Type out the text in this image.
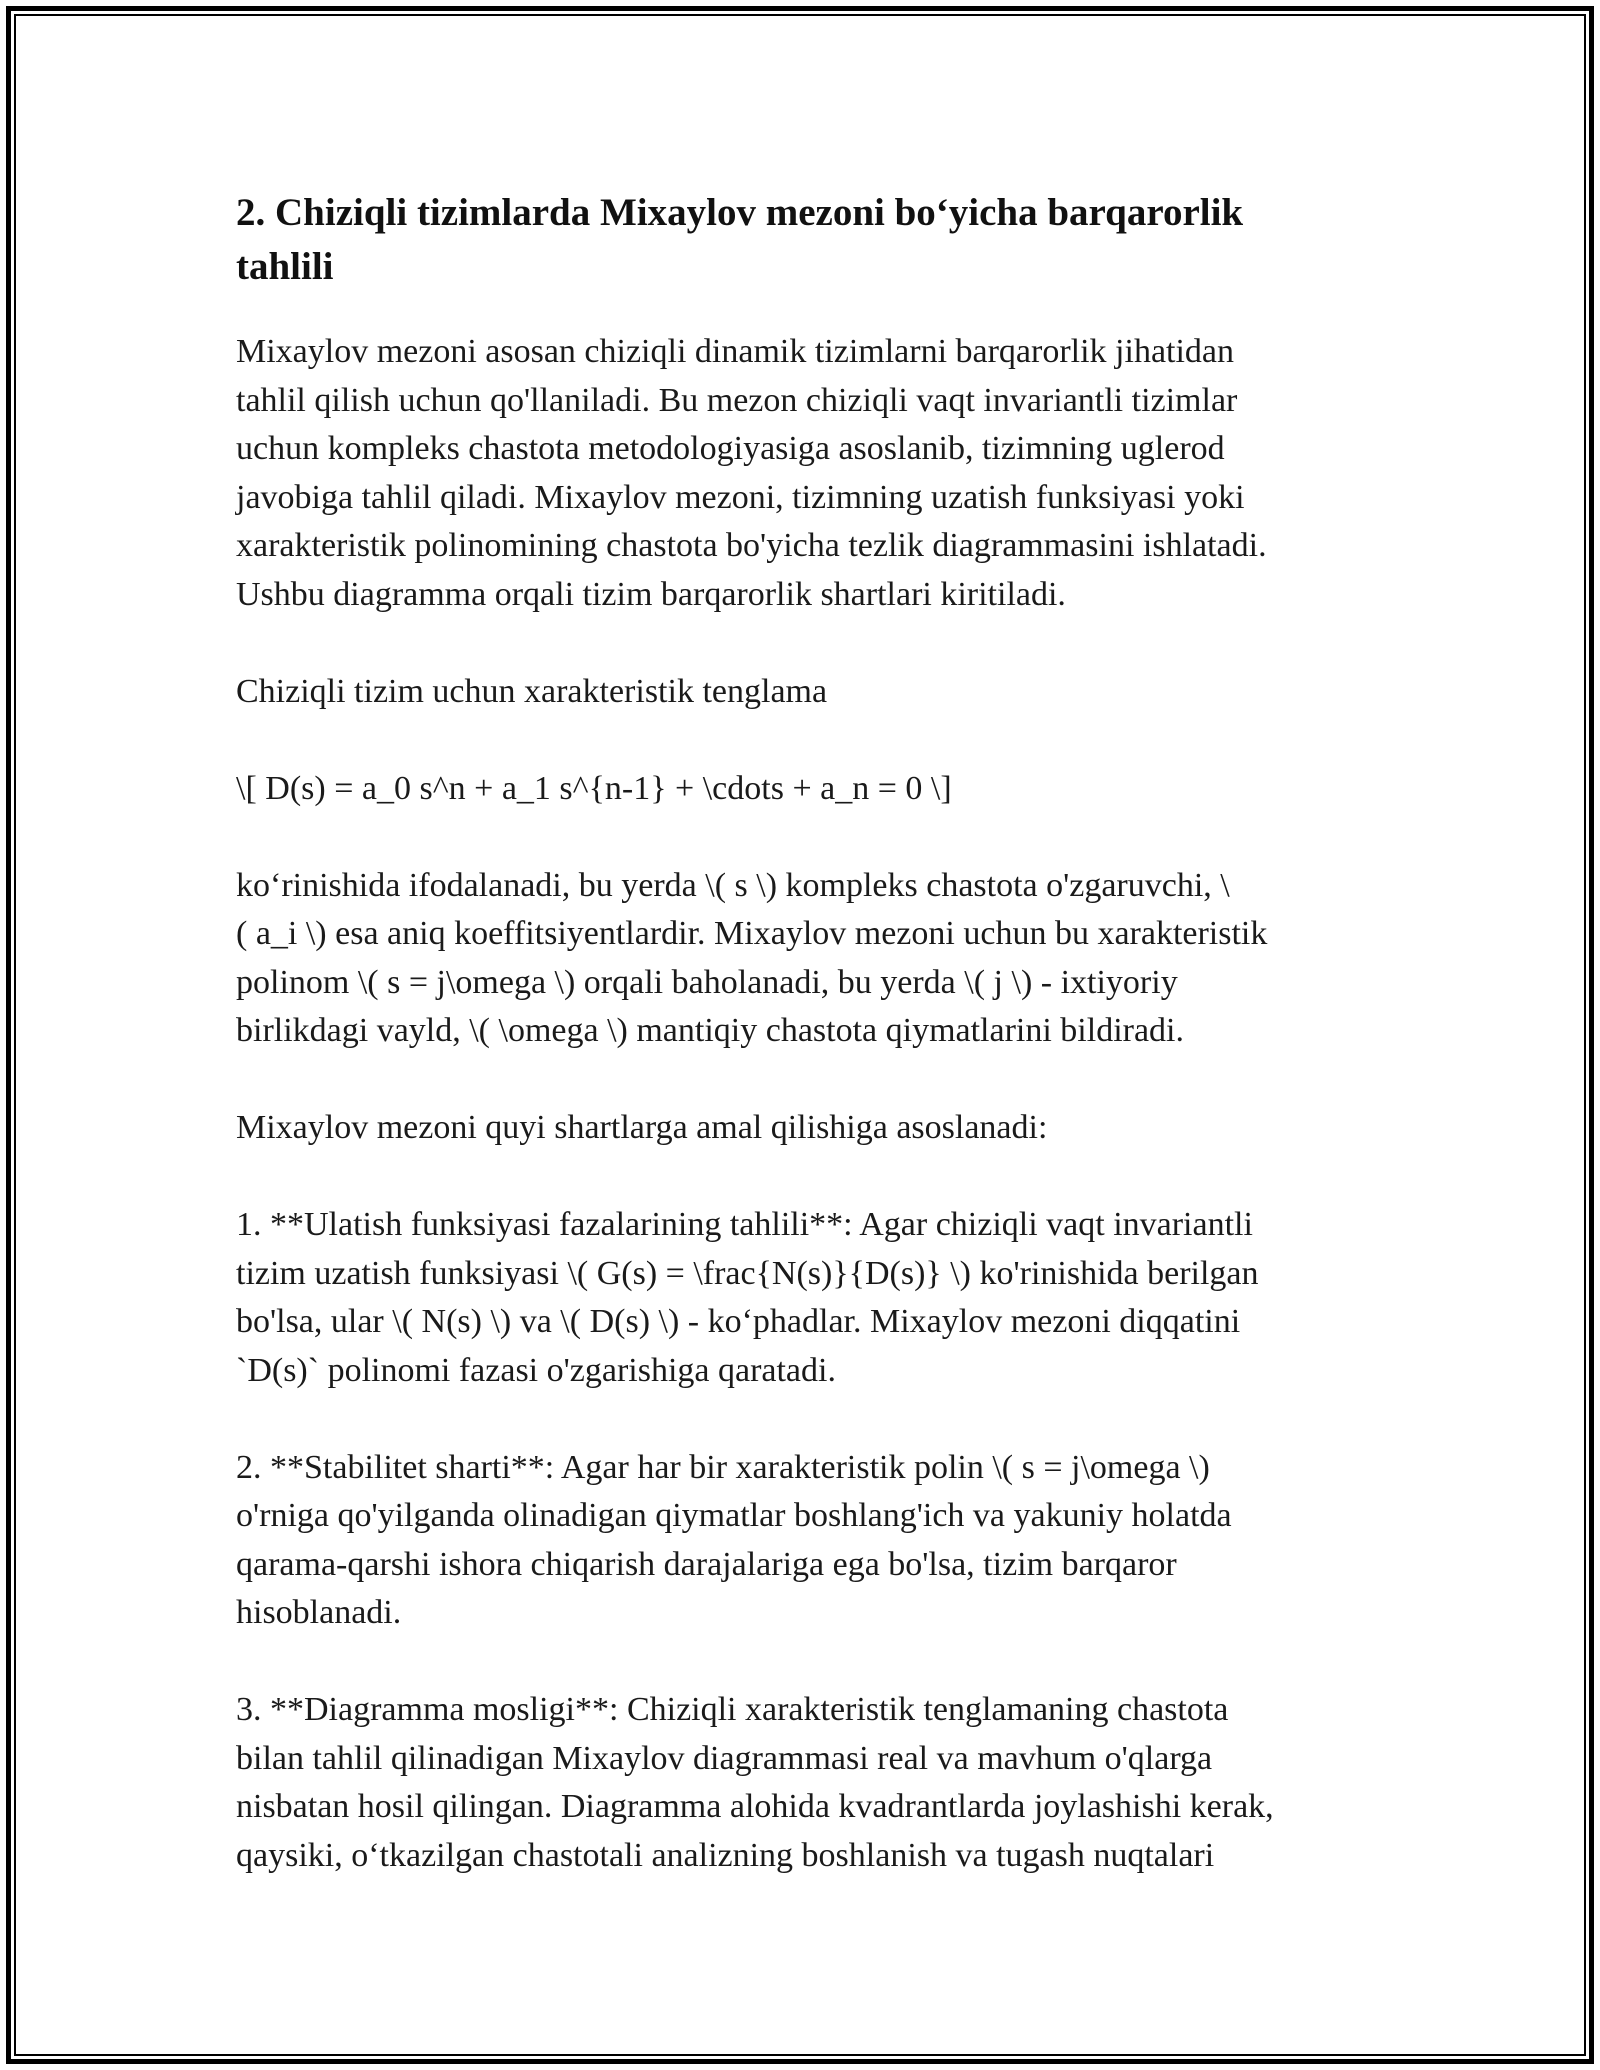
2. Chiziqli tizimlarda Mixaylov mezoni bo‘yicha barqarorlik
tahlili

Mixaylov mezoni asosan chiziqli dinamik tizimlarni barqarorlik jihatidan
tahlil qilish uchun qo'llaniladi. Bu mezon chiziqli vaqt invariantli tizimlar
uchun kompleks chastota metodologiyasiga asoslanib, tizimning uglerod
javobiga tahlil qiladi. Mixaylov mezoni, tizimning uzatish funksiyasi yoki
xarakteristik polinomining chastota bo'yicha tezlik diagrammasini ishlatadi.
Ushbu diagramma orqali tizim barqarorlik shartlari kiritiladi.

Chiziqli tizim uchun xarakteristik tenglama

\[ D(s) = a_0 s^n + a_1 s^{n-1} + \cdots + a_n = 0 \]

ko‘rinishida ifodalanadi, bu yerda \( s \) kompleks chastota o'zgaruvchi, \
( a_i \) esa aniq koeffitsiyentlardir. Mixaylov mezoni uchun bu xarakteristik
polinom \( s = j\omega \) orqali baholanadi, bu yerda \( j \) - ixtiyoriy
birlikdagi vayld, \( \omega \) mantiqiy chastota qiymatlarini bildiradi.

Mixaylov mezoni quyi shartlarga amal qilishiga asoslanadi:

1. **Ulatish funksiyasi fazalarining tahlili**: Agar chiziqli vaqt invariantli
tizim uzatish funksiyasi \( G(s) = \frac{N(s)}{D(s)} \) ko'rinishida berilgan
bo'lsa, ular \( N(s) \) va \( D(s) \) - ko‘phadlar. Mixaylov mezoni diqqatini
`D(s)` polinomi fazasi o'zgarishiga qaratadi.

2. **Stabilitet sharti**: Agar har bir xarakteristik polin \( s = j\omega \)
o'rniga qo'yilganda olinadigan qiymatlar boshlang'ich va yakuniy holatda
qarama-qarshi ishora chiqarish darajalariga ega bo'lsa, tizim barqaror
hisoblanadi.

3. **Diagramma mosligi**: Chiziqli xarakteristik tenglamaning chastota
bilan tahlil qilinadigan Mixaylov diagrammasi real va mavhum o'qlarga
nisbatan hosil qilingan. Diagramma alohida kvadrantlarda joylashishi kerak,
qaysiki, o‘tkazilgan chastotali analizning boshlanish va tugash nuqtalari
